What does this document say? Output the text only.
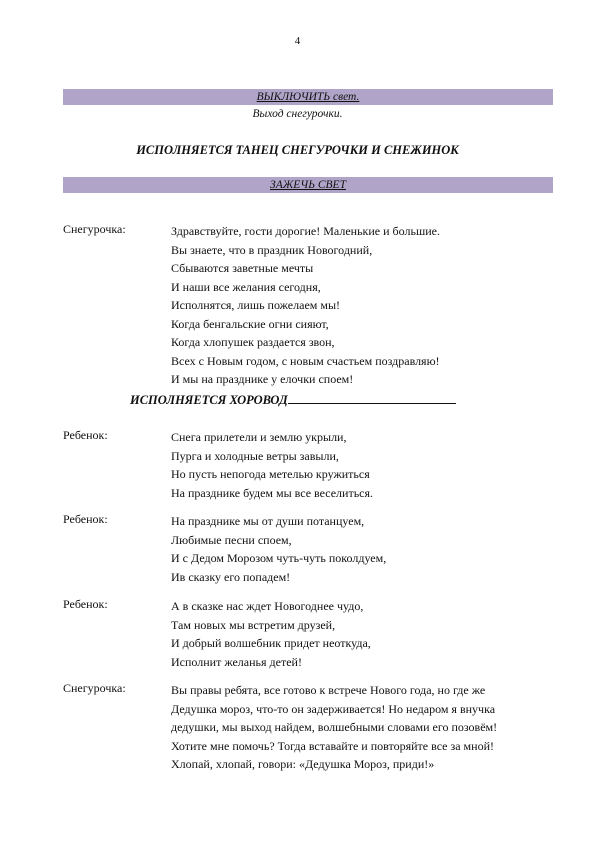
4
ВЫКЛЮЧИТЬ свет.
Выход снегурочки.
ИСПОЛНЯЕТСЯ ТАНЕЦ СНЕГУРОЧКИ И СНЕЖИНОК
ЗАЖЕЧЬ СВЕТ
Снегурочка:	Здравствуйте, гости дорогие! Маленькие и большие.
Вы знаете, что в праздник Новогодний,
Сбываются заветные мечты
И наши все желания сегодня,
Исполнятся, лишь пожелаем мы!
Когда бенгальские огни сияют,
Когда хлопушек раздается звон,
Всех с Новым годом, с новым счастьем поздравляю!
И мы на празднике у елочки споем!
ИСПОЛНЯЕТСЯ ХОРОВОД
Ребенок:	Снега прилетели и землю укрыли,
Пурга и холодные ветры завыли,
Но пусть непогода метелью кружиться
На празднике будем мы все веселиться.
Ребенок:	На празднике мы от души потанцуем,
Любимые песни споем,
И с Дедом Морозом чуть-чуть поколдуем,
Ив сказку его попадем!
Ребенок:	А в сказке нас ждет Новогоднее чудо,
Там новых мы встретим друзей,
И добрый волшебник придет неоткуда,
Исполнит желанья детей!
Снегурочка:	Вы правы ребята, все готово к встрече Нового года, но где же
Дедушка мороз, что-то он задерживается! Но недаром я внучка
дедушки, мы выход найдем, волшебными словами его позовём!
Хотите мне помочь? Тогда вставайте и повторяйте все за мной!
Хлопай, хлопай, говори: «Дедушка Мороз, приди!»
